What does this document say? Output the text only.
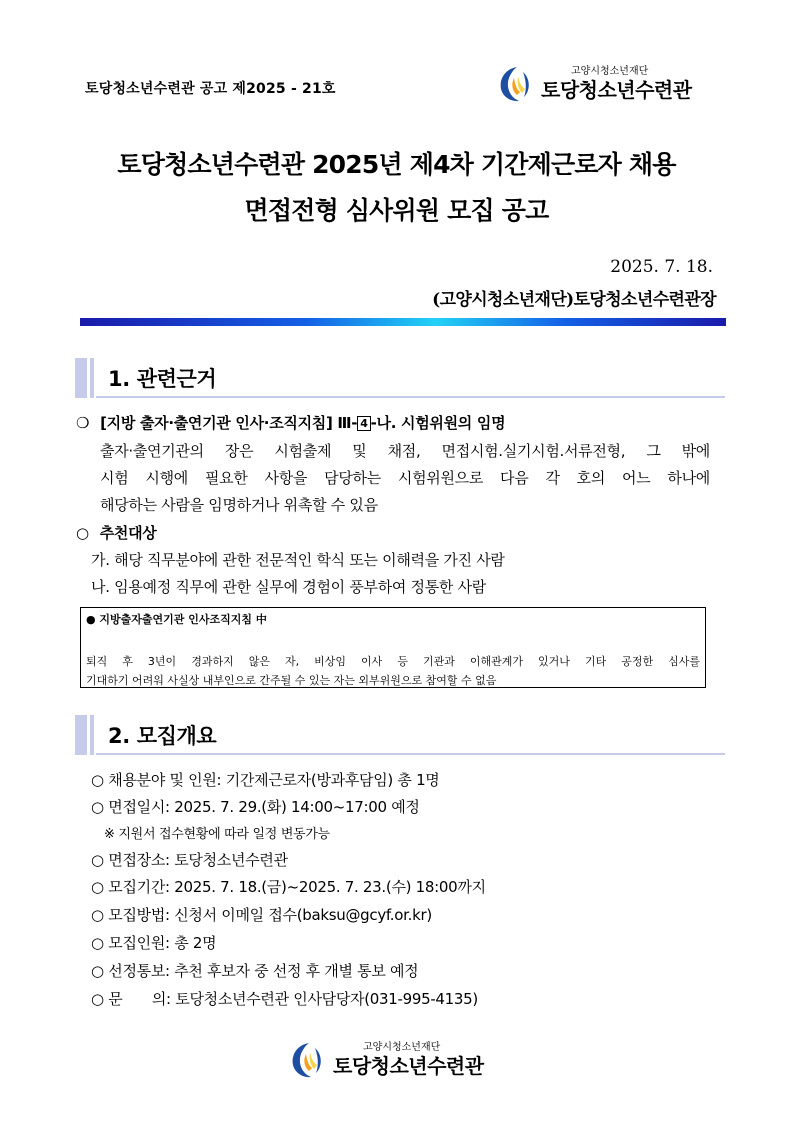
토당청소년수련관 공고 제2025 - 21호
고양시청소년재단
토당청소년수련관
토당청소년수련관 2025년 제4차 기간제근로자 채용
면접전형 심사위원 모집 공고
2025. 7. 18.
(고양시청소년재단)토당청소년수련관장
1. 관련근거
❍ [지방 출자·출연기관 인사·조직지침] Ⅲ- 4 -나. 시험위원의 임명
출자·출연기관의 장은 시험출제 및 채점, 면접시험.실기시험.서류전형, 그 밖에
시험 시행에 필요한 사항을 담당하는 시험위원으로 다음 각 호의 어느 하나에
해당하는 사람을 임명하거나 위촉할 수 있음
○ 추천대상
가. 해당 직무분야에 관한 전문적인 학식 또는 이해력을 가진 사람
나. 임용예정 직무에 관한 실무에 경험이 풍부하여 정통한 사람
● 지방출자출연기관 인사조직지침 中
퇴직 후 3년이 경과하지 않은 자, 비상임 이사 등 기관과 이해관계가 있거나 기타 공정한 심사를
기대하기 어려워 사실상 내부인으로 간주될 수 있는 자는 외부위원으로 참여할 수 없음
2. 모집개요
○ 채용분야 및 인원: 기간제근로자(방과후담임) 총 1명
○ 면접일시: 2025. 7. 29.(화) 14:00~17:00 예정
※ 지원서 접수현황에 따라 일정 변동가능
○ 면접장소: 토당청소년수련관
○ 모집기간: 2025. 7. 18.(금)~2025. 7. 23.(수) 18:00까지
○ 모집방법: 신청서 이메일 접수(baksu@gcyf.or.kr)
○ 모집인원: 총 2명
○ 선정통보: 추천 후보자 중 선정 후 개별 통보 예정
○ 문　　의: 토당청소년수련관 인사담당자(031-995-4135)
고양시청소년재단
토당청소년수련관
